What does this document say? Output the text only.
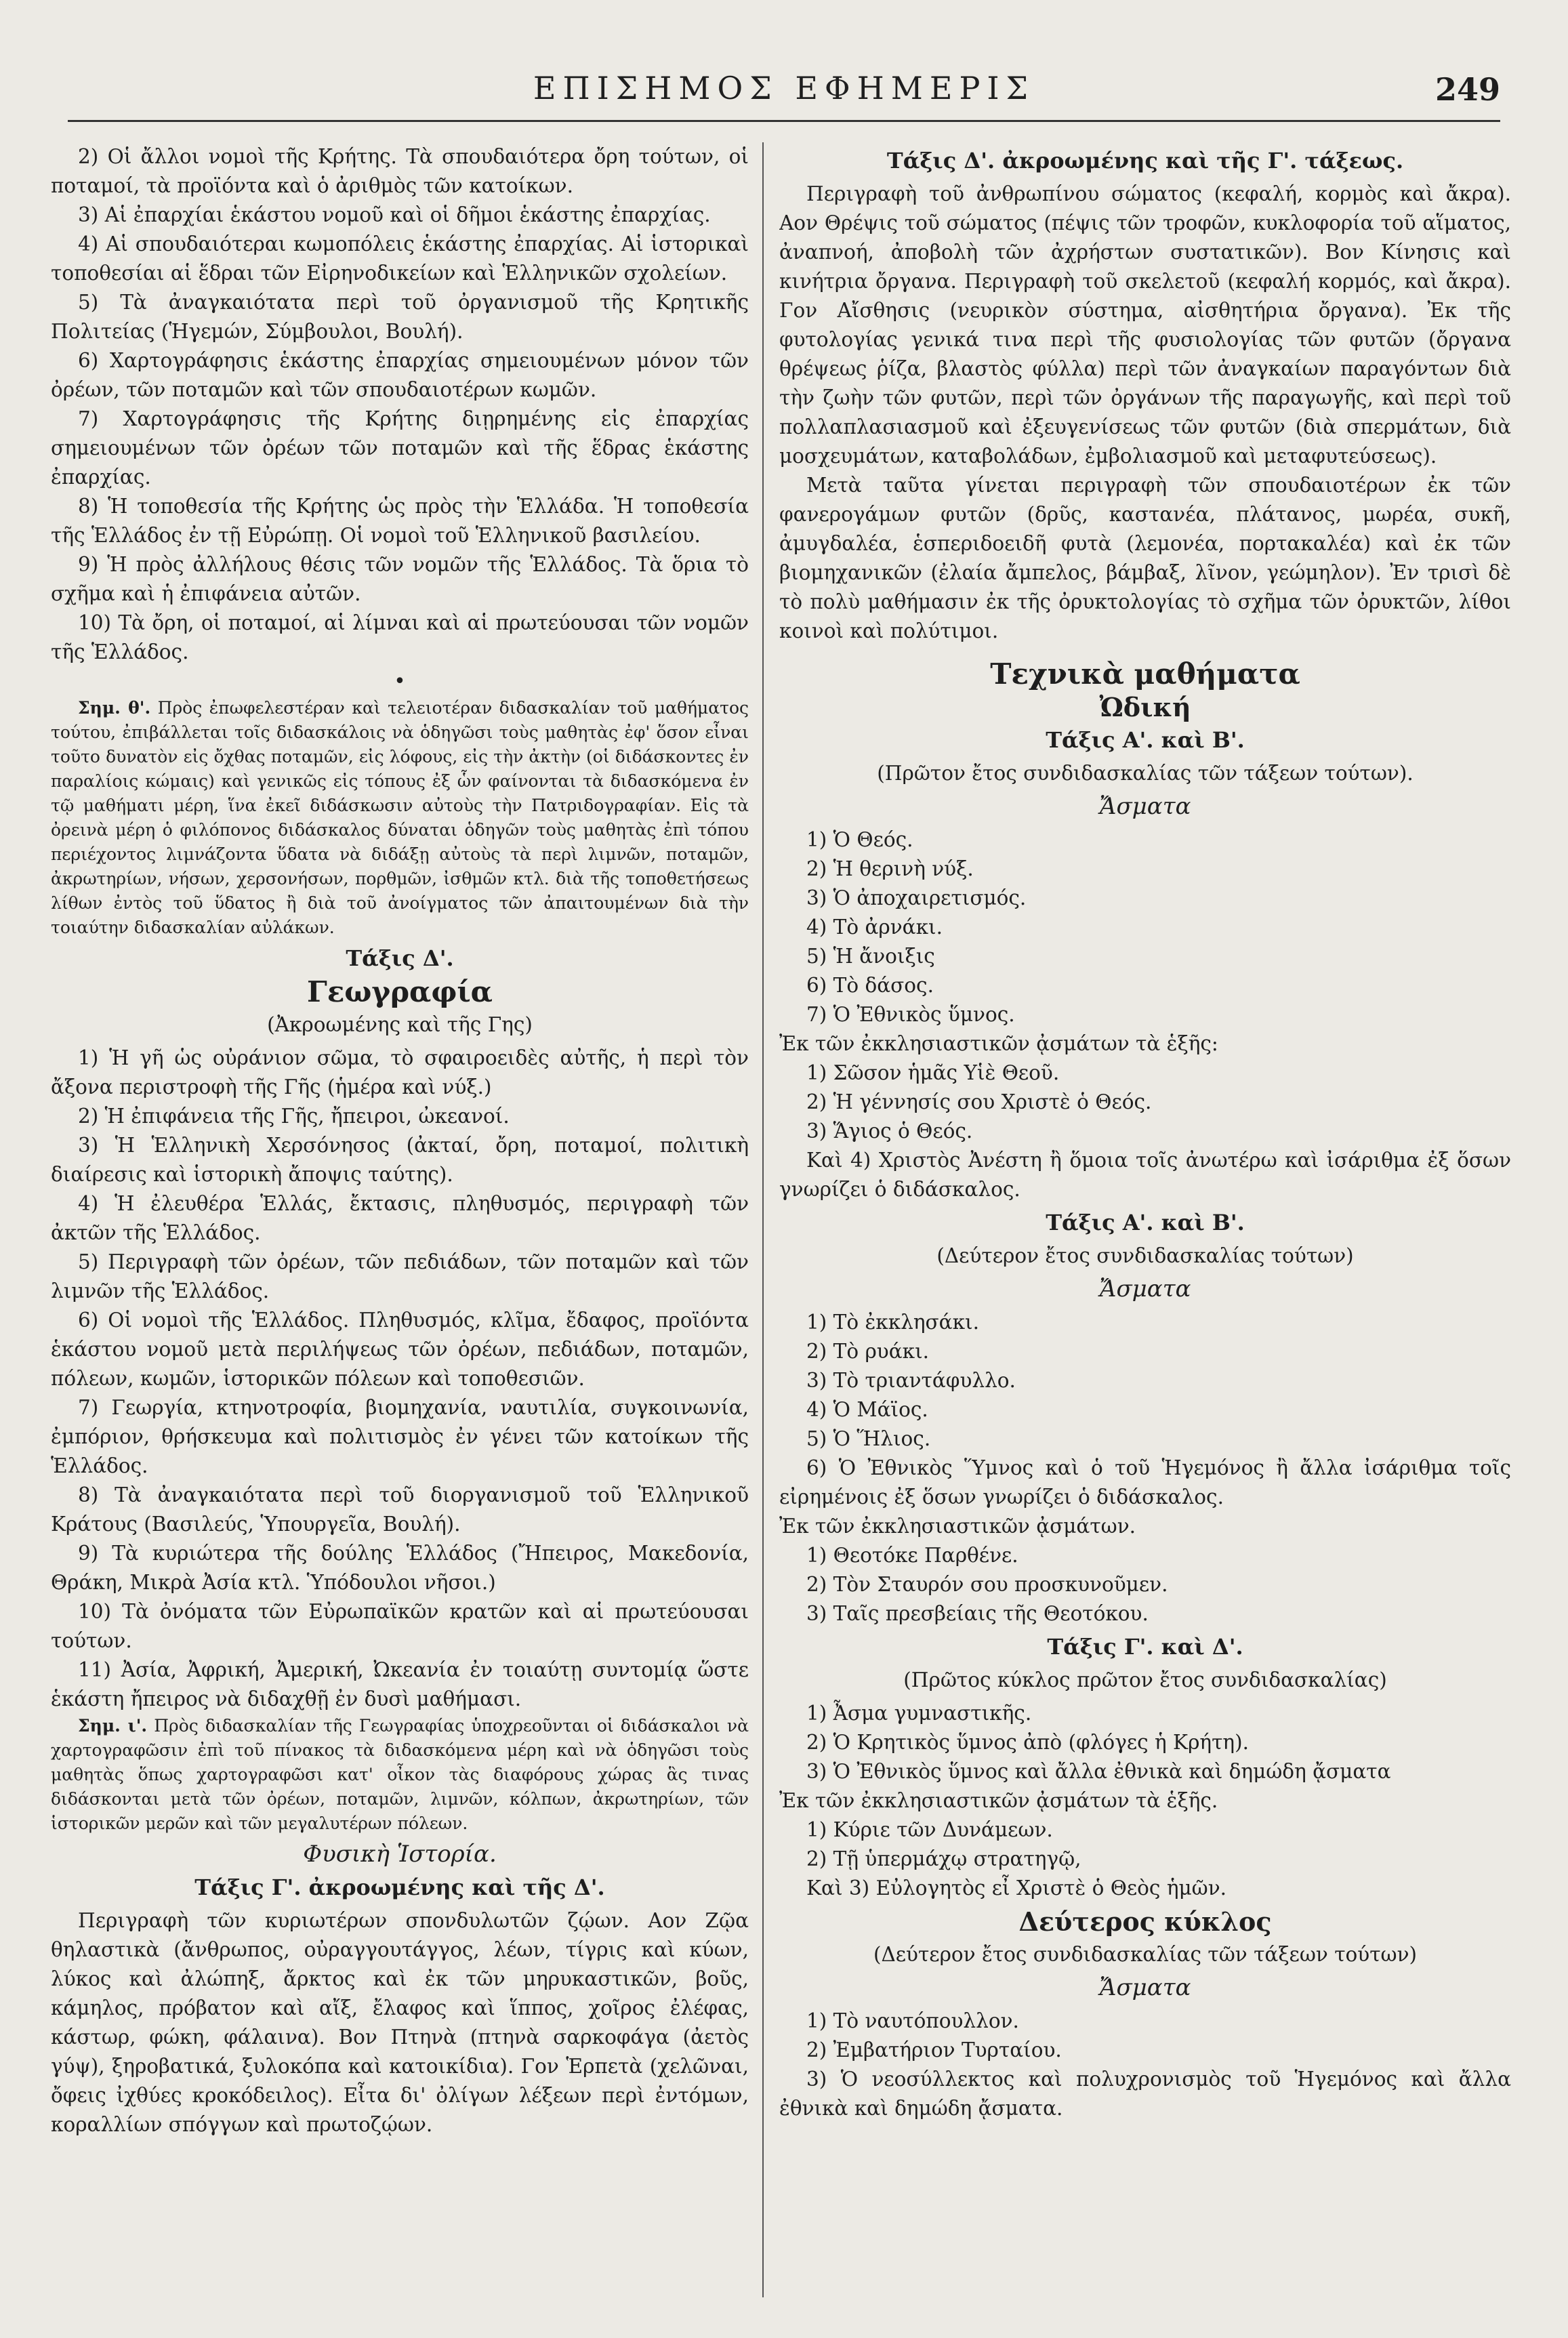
ΕΠΙΣΗΜΟΣ ΕΦΗΜΕΡΙΣ	249

2) Οἱ ἄλλοι νομοὶ τῆς Κρήτης. Τὰ σπουδαιότερα ὄρη τούτων, οἱ ποταμοί, τὰ προϊόντα καὶ ὁ ἀριθμὸς τῶν κατοίκων.

3) Αἱ ἐπαρχίαι ἑκάστου νομοῦ καὶ οἱ δῆμοι ἑκάστης ἐπαρχίας.

4) Αἱ σπουδαιότεραι κωμοπόλεις ἑκάστης ἐπαρχίας. Αἱ ἱστορικαὶ τοποθεσίαι αἱ ἕδραι τῶν Εἰρηνοδικείων καὶ Ἑλληνικῶν σχολείων.

5) Τὰ ἀναγκαιότατα περὶ τοῦ ὀργανισμοῦ τῆς Κρητικῆς Πολιτείας (Ἡγεμών, Σύμβουλοι, Βουλή).

6) Χαρτογράφησις ἑκάστης ἐπαρχίας σημειουμένων μόνον τῶν ὀρέων, τῶν ποταμῶν καὶ τῶν σπουδαιοτέρων κωμῶν.

7) Χαρτογράφησις τῆς Κρήτης διῃρημένης εἰς ἐπαρχίας σημειουμένων τῶν ὀρέων τῶν ποταμῶν καὶ τῆς ἕδρας ἑκάστης ἐπαρχίας.

8) Ἡ τοποθεσία τῆς Κρήτης ὡς πρὸς τὴν Ἑλλάδα. Ἡ τοποθεσία τῆς Ἑλλάδος ἐν τῇ Εὐρώπῃ. Οἱ νομοὶ τοῦ Ἑλληνικοῦ βασιλείου.

9) Ἡ πρὸς ἀλλήλους θέσις τῶν νομῶν τῆς Ἑλλάδος. Τὰ ὅρια τὸ σχῆμα καὶ ἡ ἐπιφάνεια αὐτῶν.

10) Τὰ ὄρη, οἱ ποταμοί, αἱ λίμναι καὶ αἱ πρωτεύουσαι τῶν νομῶν τῆς Ἑλλάδος.

•

Σημ. θ'. Πρὸς ἐπωφελεστέραν καὶ τελειοτέραν διδασκαλίαν τοῦ μαθήματος τούτου, ἐπιβάλλεται τοῖς διδασκάλοις νὰ ὁδηγῶσι τοὺς μαθητὰς ἐφ' ὅσον εἶναι τοῦτο δυνατὸν εἰς ὄχθας ποταμῶν, εἰς λόφους, εἰς τὴν ἀκτὴν (οἱ διδάσκοντες ἐν παραλίοις κώμαις) καὶ γενικῶς εἰς τόπους ἐξ ὧν φαίνονται τὰ διδασκόμενα ἐν τῷ μαθήματι μέρη, ἵνα ἐκεῖ διδάσκωσιν αὐτοὺς τὴν Πατριδογραφίαν. Εἰς τὰ ὀρεινὰ μέρη ὁ φιλόπονος διδάσκαλος δύναται ὁδηγῶν τοὺς μαθητὰς ἐπὶ τόπου περιέχοντος λιμνάζοντα ὕδατα νὰ διδάξῃ αὐτοὺς τὰ περὶ λιμνῶν, ποταμῶν, ἀκρωτηρίων, νήσων, χερσονήσων, πορθμῶν, ἰσθμῶν κτλ. διὰ τῆς τοποθετήσεως λίθων ἐντὸς τοῦ ὕδατος ἢ διὰ τοῦ ἀνοίγματος τῶν ἀπαιτουμένων διὰ τὴν τοιαύτην διδασκαλίαν αὐλάκων.

Τάξις Δ'.
Γεωγραφία
(Ἀκροωμένης καὶ τῆς Γης)

1) Ἡ γῆ ὡς οὐράνιον σῶμα, τὸ σφαιροειδὲς αὐτῆς, ἡ περὶ τὸν ἄξονα περιστροφὴ τῆς Γῆς (ἡμέρα καὶ νύξ.)

2) Ἡ ἐπιφάνεια τῆς Γῆς, ἤπειροι, ὠκεανοί.

3) Ἡ Ἑλληνικὴ Χερσόνησος (ἀκταί, ὄρη, ποταμοί, πολιτικὴ διαίρεσις καὶ ἱστορικὴ ἄποψις ταύτης).

4) Ἡ ἐλευθέρα Ἑλλάς, ἔκτασις, πληθυσμός, περιγραφὴ τῶν ἀκτῶν τῆς Ἑλλάδος.

5) Περιγραφὴ τῶν ὀρέων, τῶν πεδιάδων, τῶν ποταμῶν καὶ τῶν λιμνῶν τῆς Ἑλλάδος.

6) Οἱ νομοὶ τῆς Ἑλλάδος. Πληθυσμός, κλῖμα, ἔδαφος, προϊόντα ἑκάστου νομοῦ μετὰ περιλήψεως τῶν ὀρέων, πεδιάδων, ποταμῶν, πόλεων, κωμῶν, ἱστορικῶν πόλεων καὶ τοποθεσιῶν.

7) Γεωργία, κτηνοτροφία, βιομηχανία, ναυτιλία, συγκοινωνία, ἐμπόριον, θρήσκευμα καὶ πολιτισμὸς ἐν γένει τῶν κατοίκων τῆς Ἑλλάδος.

8) Τὰ ἀναγκαιότατα περὶ τοῦ διοργανισμοῦ τοῦ Ἑλληνικοῦ Κράτους (Βασιλεύς, Ὑπουργεῖα, Βουλή).

9) Τὰ κυριώτερα τῆς δούλης Ἑλλάδος (Ἤπειρος, Μακεδονία, Θράκη, Μικρὰ Ἀσία κτλ. Ὑπόδουλοι νῆσοι.)

10) Τὰ ὀνόματα τῶν Εὐρωπαϊκῶν κρατῶν καὶ αἱ πρωτεύουσαι τούτων.

11) Ἀσία, Ἀφρική, Ἀμερική, Ὠκεανία ἐν τοιαύτῃ συντομίᾳ ὥστε ἑκάστη ἤπειρος νὰ διδαχθῇ ἐν δυσὶ μαθήμασι.

Σημ. ι'. Πρὸς διδασκαλίαν τῆς Γεωγραφίας ὑποχρεοῦνται οἱ διδάσκαλοι νὰ χαρτογραφῶσιν ἐπὶ τοῦ πίνακος τὰ διδασκόμενα μέρη καὶ νὰ ὁδηγῶσι τοὺς μαθητὰς ὅπως χαρτογραφῶσι κατ' οἶκον τὰς διαφόρους χώρας ἃς τινας διδάσκονται μετὰ τῶν ὀρέων, ποταμῶν, λιμνῶν, κόλπων, ἀκρωτηρίων, τῶν ἱστορικῶν μερῶν καὶ τῶν μεγαλυτέρων πόλεων.

Φυσικὴ Ἱστορία.
Τάξις Γ'. ἀκροωμένης καὶ τῆς Δ'.

Περιγραφὴ τῶν κυριωτέρων σπονδυλωτῶν ζῴων. Αον Ζῷα θηλαστικὰ (ἄνθρωπος, οὐραγγουτάγγος, λέων, τίγρις καὶ κύων, λύκος καὶ ἀλώπηξ, ἄρκτος καὶ ἐκ τῶν μηρυκαστικῶν, βοῦς, κάμηλος, πρόβατον καὶ αἴξ, ἔλαφος καὶ ἵππος, χοῖρος ἐλέφας, κάστωρ, φώκη, φάλαινα). Βον Πτηνὰ (πτηνὰ σαρκοφάγα (ἀετὸς γύψ), ξηροβατικά, ξυλοκόπα καὶ κατοικίδια). Γον Ἑρπετὰ (χελῶναι, ὄφεις ἰχθύες κροκόδειλος). Εἶτα δι' ὀλίγων λέξεων περὶ ἐντόμων, κοραλλίων σπόγγων καὶ πρωτοζῴων.

Τάξις Δ'. ἀκροωμένης καὶ τῆς Γ'. τάξεως.

Περιγραφὴ τοῦ ἀνθρωπίνου σώματος (κεφαλή, κορμὸς καὶ ἄκρα). Αον Θρέψις τοῦ σώματος (πέψις τῶν τροφῶν, κυκλοφορία τοῦ αἵματος, ἀναπνοή, ἀποβολὴ τῶν ἀχρήστων συστατικῶν). Βον Κίνησις καὶ κινήτρια ὄργανα. Περιγραφὴ τοῦ σκελετοῦ (κεφαλή κορμός, καὶ ἄκρα). Γον Αἴσθησις (νευρικὸν σύστημα, αἰσθητήρια ὄργανα). Ἐκ τῆς φυτολογίας γενικά τινα περὶ τῆς φυσιολογίας τῶν φυτῶν (ὄργανα θρέψεως ῥίζα, βλαστὸς φύλλα) περὶ τῶν ἀναγκαίων παραγόντων διὰ τὴν ζωὴν τῶν φυτῶν, περὶ τῶν ὀργάνων τῆς παραγωγῆς, καὶ περὶ τοῦ πολλαπλασιασμοῦ καὶ ἐξευγενίσεως τῶν φυτῶν (διὰ σπερμάτων, διὰ μοσχευμάτων, καταβολάδων, ἐμβολιασμοῦ καὶ μεταφυτεύσεως).

Μετὰ ταῦτα γίνεται περιγραφὴ τῶν σπουδαιοτέρων ἐκ τῶν φανερογάμων φυτῶν (δρῦς, καστανέα, πλάτανος, μωρέα, συκῆ, ἀμυγδαλέα, ἑσπεριδοειδῆ φυτὰ (λεμονέα, πορτακαλέα) καὶ ἐκ τῶν βιομηχανικῶν (ἐλαία ἄμπελος, βάμβαξ, λῖνον, γεώμηλον). Ἐν τρισὶ δὲ τὸ πολὺ μαθήμασιν ἐκ τῆς ὀρυκτολογίας τὸ σχῆμα τῶν ὀρυκτῶν, λίθοι κοινοὶ καὶ πολύτιμοι.

Τεχνικὰ μαθήματα
Ὠδική
Τάξις Α'. καὶ Β'.
(Πρῶτον ἔτος συνδιδασκαλίας τῶν τάξεων τούτων).
Ἄσματα

1) Ὁ Θεός.

2) Ἡ θερινὴ νύξ.

3) Ὁ ἀποχαιρετισμός.

4) Τὸ ἀρνάκι.

5) Ἡ ἄνοιξις

6) Τὸ δάσος.

7) Ὁ Ἐθνικὸς ὕμνος.

Ἐκ τῶν ἐκκλησιαστικῶν ᾀσμάτων τὰ ἑξῆς:

1) Σῶσον ἡμᾶς Υἱὲ Θεοῦ.

2) Ἡ γέννησίς σου Χριστὲ ὁ Θεός.

3) Ἅγιος ὁ Θεός.

Καὶ 4) Χριστὸς Ἀνέστη ἢ ὅμοια τοῖς ἀνωτέρω καὶ ἰσάριθμα ἐξ ὅσων γνωρίζει ὁ διδάσκαλος.

Τάξις Α'. καὶ Β'.
(Δεύτερον ἔτος συνδιδασκαλίας τούτων)
Ἄσματα

1) Τὸ ἐκκλησάκι.

2) Τὸ ρυάκι.

3) Τὸ τριαντάφυλλο.

4) Ὁ Μάϊος.

5) Ὁ Ἥλιος.

6) Ὁ Ἐθνικὸς Ὕμνος καὶ ὁ τοῦ Ἡγεμόνος ἢ ἄλλα ἰσάριθμα τοῖς εἰρημένοις ἐξ ὅσων γνωρίζει ὁ διδάσκαλος.

Ἐκ τῶν ἐκκλησιαστικῶν ᾀσμάτων.

1) Θεοτόκε Παρθένε.

2) Τὸν Σταυρόν σου προσκυνοῦμεν.

3) Ταῖς πρεσβείαις τῆς Θεοτόκου.

Τάξις Γ'. καὶ Δ'.
(Πρῶτος κύκλος πρῶτον ἔτος συνδιδασκαλίας)

1) Ἆσμα γυμναστικῆς.

2) Ὁ Κρητικὸς ὕμνος ἀπὸ (φλόγες ἡ Κρήτη).

3) Ὁ Ἐθνικὸς ὕμνος καὶ ἄλλα ἐθνικὰ καὶ δημώδη ᾄσματα

Ἐκ τῶν ἐκκλησιαστικῶν ᾀσμάτων τὰ ἑξῆς.

1) Κύριε τῶν Δυνάμεων.

2) Τῇ ὑπερμάχῳ στρατηγῷ,

Καὶ 3) Εὐλογητὸς εἶ Χριστὲ ὁ Θεὸς ἡμῶν.

Δεύτερος κύκλος
(Δεύτερον ἔτος συνδιδασκαλίας τῶν τάξεων τούτων)
Ἄσματα

1) Τὸ ναυτόπουλλον.

2) Ἐμβατήριον Τυρταίου.

3) Ὁ νεοσύλλεκτος καὶ πολυχρονισμὸς τοῦ Ἡγεμόνος καὶ ἄλλα ἐθνικὰ καὶ δημώδη ᾄσματα.
